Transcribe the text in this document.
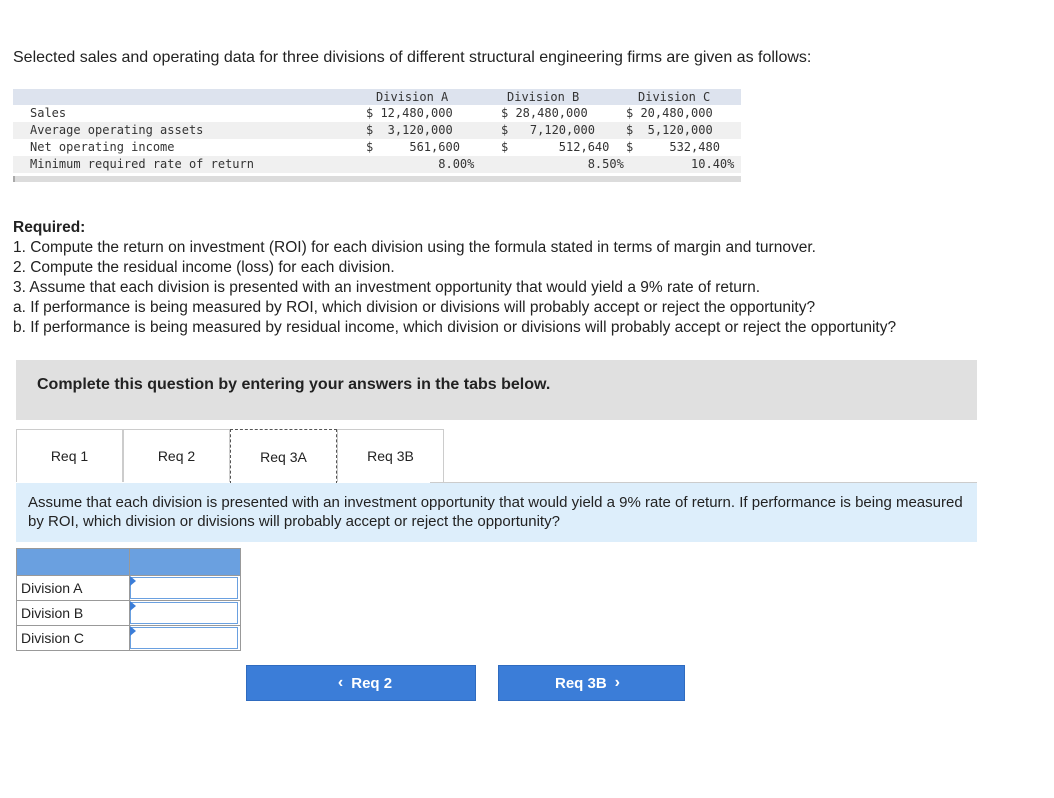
Selected sales and operating data for three divisions of different structural engineering firms are given as follows:
Division A	Division B	Division C
Sales	$ 12,480,000	$ 28,480,000	$ 20,480,000
Average operating assets	$  3,120,000	$   7,120,000	$  5,120,000
Net operating income	$     561,600	$       512,640 $     532,480
Minimum required rate of return	8.00% 8.50% 10.40%
Required:
1. Compute the return on investment (ROI) for each division using the formula stated in terms of margin and turnover.
2. Compute the residual income (loss) for each division.
3. Assume that each division is presented with an investment opportunity that would yield a 9% rate of return.
a. If performance is being measured by ROI, which division or divisions will probably accept or reject the opportunity?
b. If performance is being measured by residual income, which division or divisions will probably accept or reject the opportunity?
Complete this question by entering your answers in the tabs below.
Req 1	Req 2	Req 3A	Req 3B
Assume that each division is presented with an investment opportunity that would yield a 9% rate of return. If performance is being measured by ROI, which division or divisions will probably accept or reject the opportunity?

Division A	

Division B	

Division C	
‹ Req 2	Req 3B ›
